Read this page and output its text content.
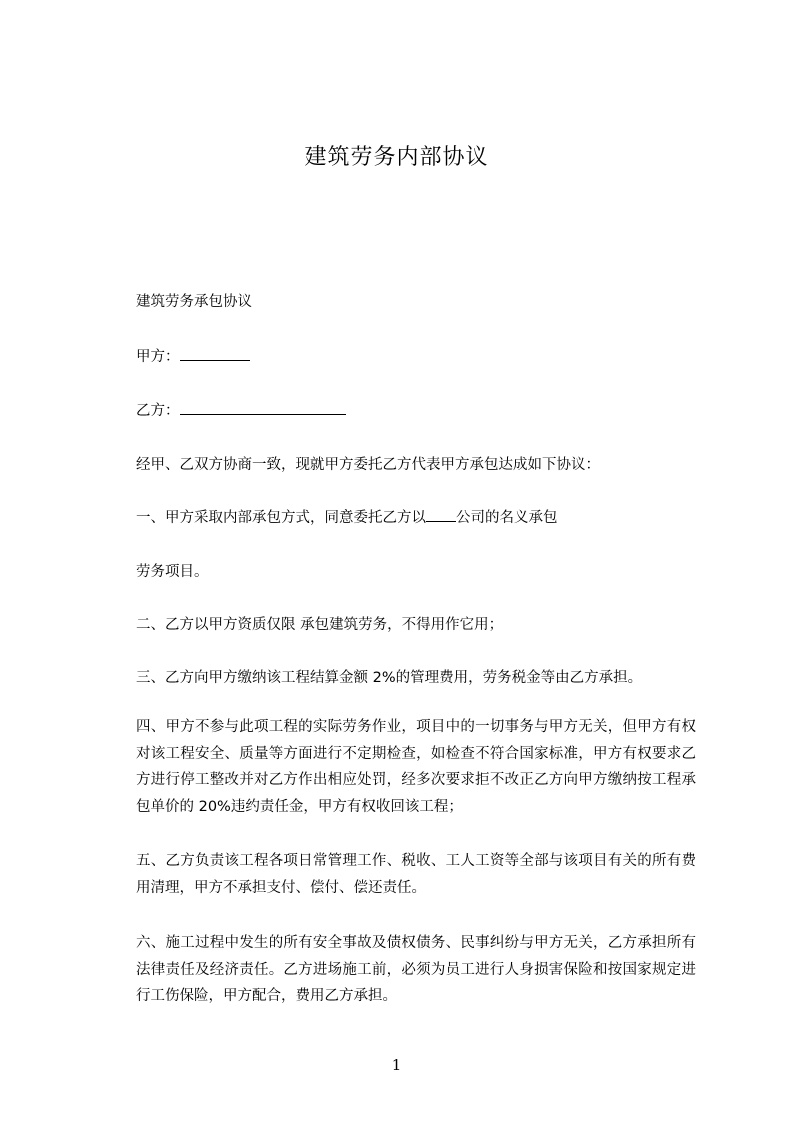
建筑劳务内部协议
建筑劳务承包协议
甲方：
乙方：
经甲、乙双方协商一致，现就甲方委托乙方代表甲方承包达成如下协议：
一、甲方采取内部承包方式，同意委托乙方以 公司的名义承包
劳务项目。
二、乙方以甲方资质仅限 承包建筑劳务，不得用作它用；
三、乙方向甲方缴纳该工程结算金额 2%的管理费用，劳务税金等由乙方承担。
四、甲方不参与此项工程的实际劳务作业，项目中的一切事务与甲方无关，但甲方有权对该工程安全、质量等方面进行不定期检查，如检查不符合国家标准，甲方有权要求乙方进行停工整改并对乙方作出相应处罚，经多次要求拒不改正乙方向甲方缴纳按工程承包单价的 20%违约责任金，甲方有权收回该工程；
五、乙方负责该工程各项日常管理工作、税收、工人工资等全部与该项目有关的所有费用清理，甲方不承担支付、偿付、偿还责任。
六、施工过程中发生的所有安全事故及债权债务、民事纠纷与甲方无关，乙方承担所有法律责任及经济责任。乙方进场施工前，必须为员工进行人身损害保险和按国家规定进行工伤保险，甲方配合，费用乙方承担。
1
